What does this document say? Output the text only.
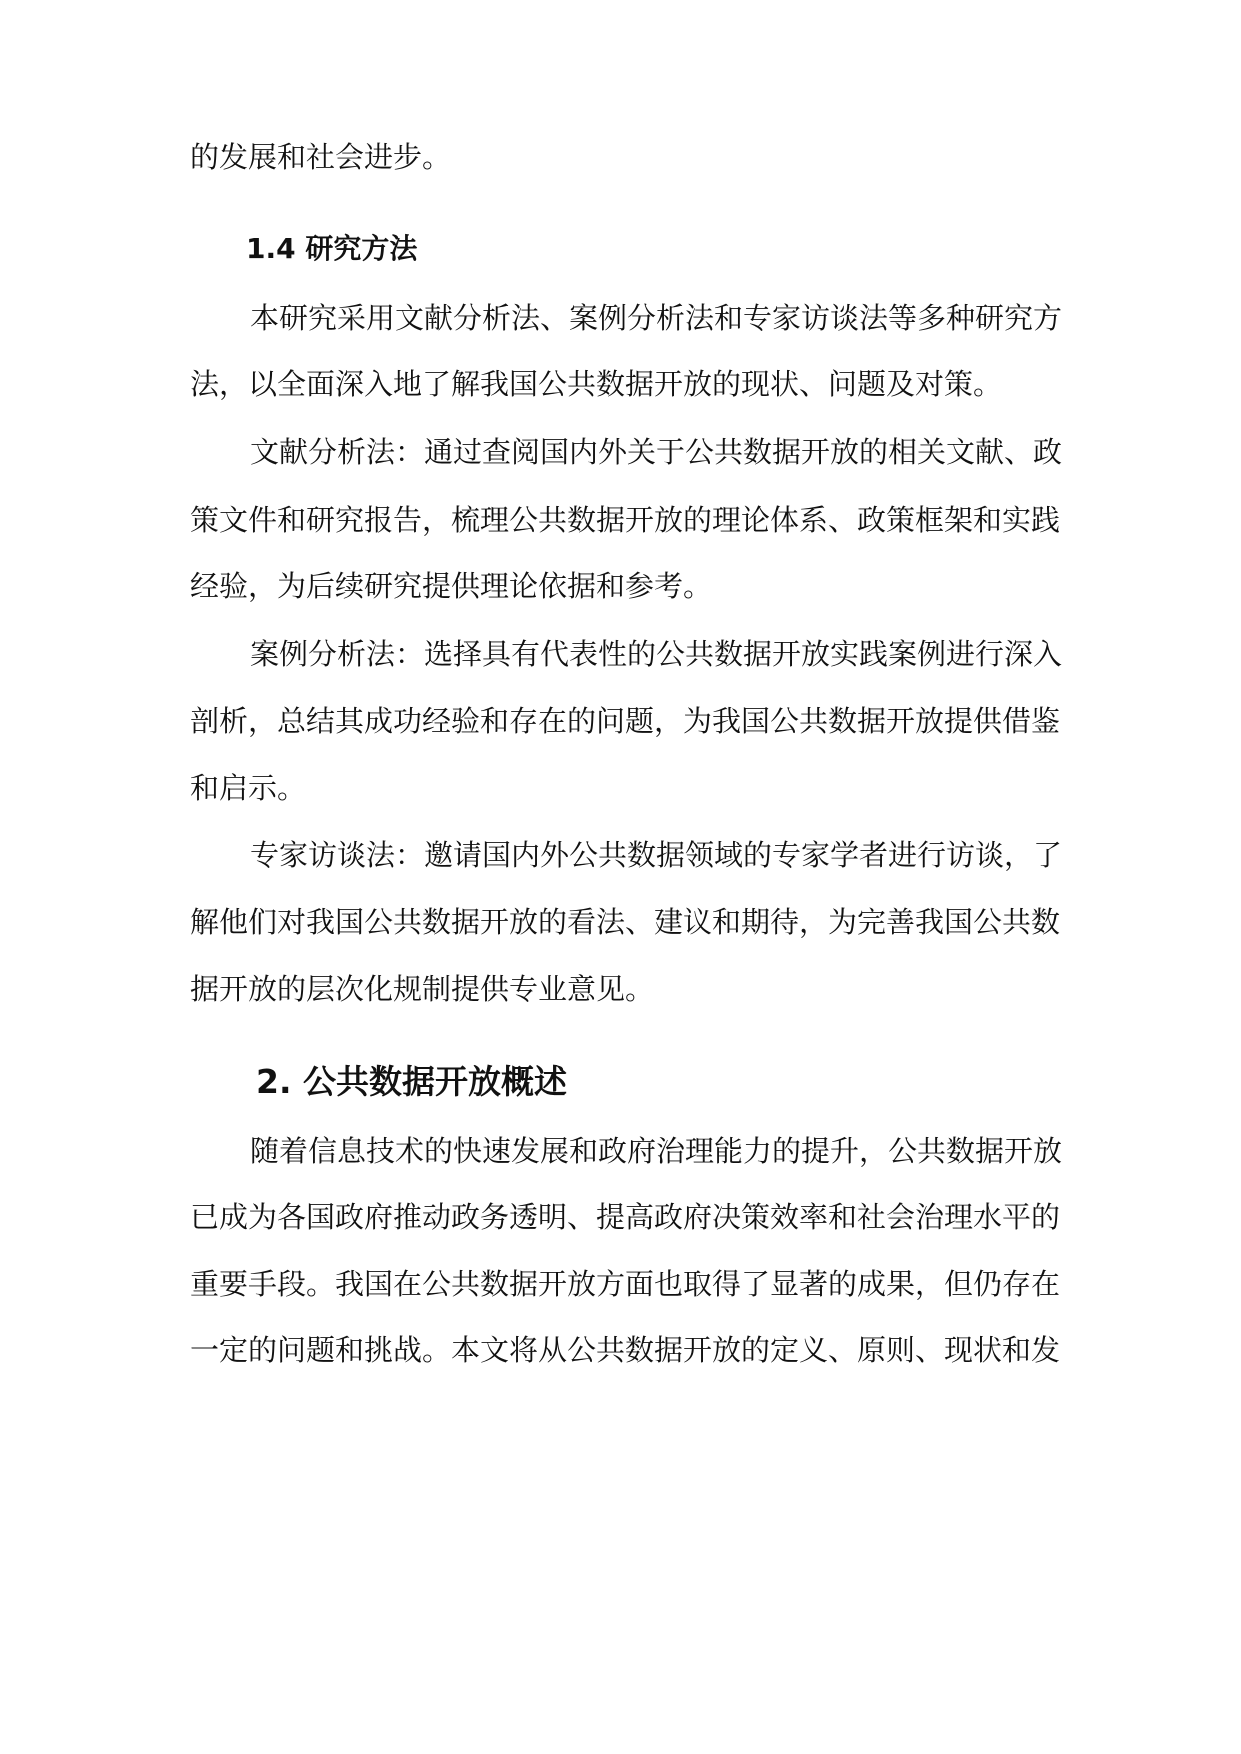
的发展和社会进步。
1.4 研究方法
本研究采用文献分析法、案例分析法和专家访谈法等多种研究方
法，以全面深入地了解我国公共数据开放的现状、问题及对策。
文献分析法：通过查阅国内外关于公共数据开放的相关文献、政
策文件和研究报告，梳理公共数据开放的理论体系、政策框架和实践
经验，为后续研究提供理论依据和参考。
案例分析法：选择具有代表性的公共数据开放实践案例进行深入
剖析，总结其成功经验和存在的问题，为我国公共数据开放提供借鉴
和启示。
专家访谈法：邀请国内外公共数据领域的专家学者进行访谈，了
解他们对我国公共数据开放的看法、建议和期待，为完善我国公共数
据开放的层次化规制提供专业意见。
2. 公共数据开放概述
随着信息技术的快速发展和政府治理能力的提升，公共数据开放
已成为各国政府推动政务透明、提高政府决策效率和社会治理水平的
重要手段。我国在公共数据开放方面也取得了显著的成果，但仍存在
一定的问题和挑战。本文将从公共数据开放的定义、原则、现状和发
